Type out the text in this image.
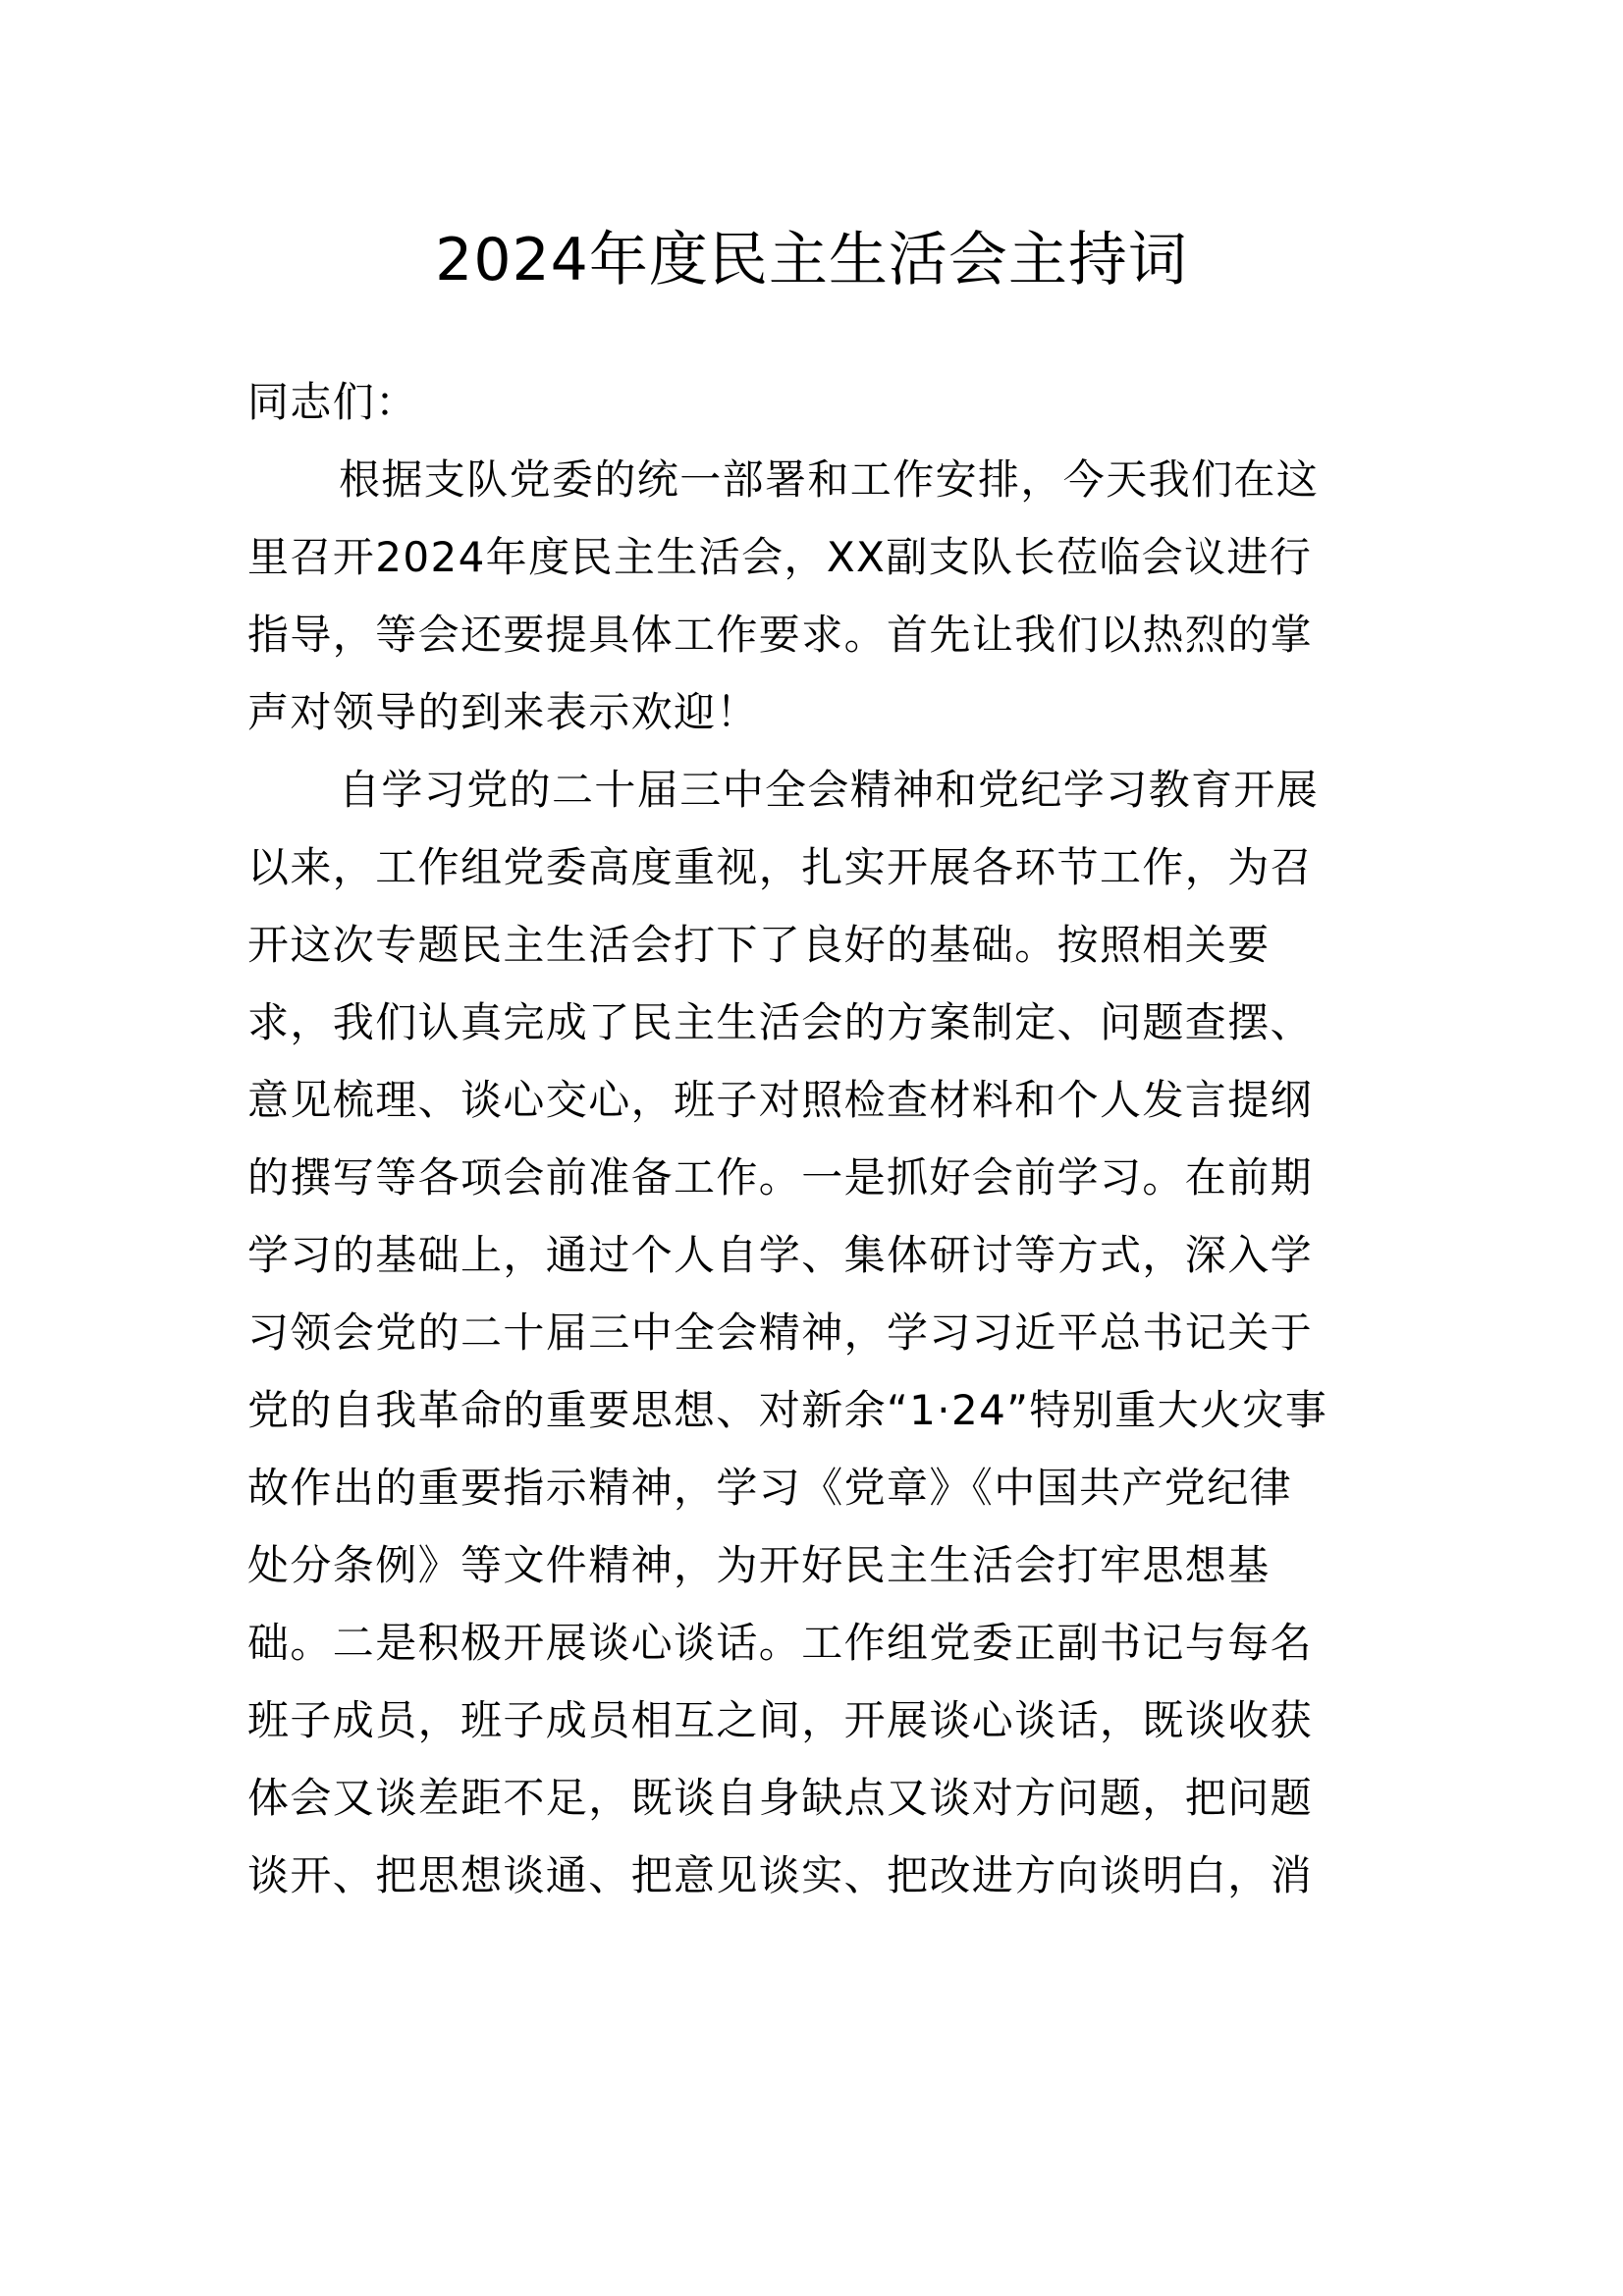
2024年度民主生活会主持词
同志们：
根据支队党委的统一部署和工作安排，今天我们在这
里召开2024年度民主生活会，XX副支队长莅临会议进行
指导，等会还要提具体工作要求。首先让我们以热烈的掌
声对领导的到来表示欢迎！
自学习党的二十届三中全会精神和党纪学习教育开展
以来，工作组党委高度重视，扎实开展各环节工作，为召
开这次专题民主生活会打下了良好的基础。按照相关要
求，我们认真完成了民主生活会的方案制定、问题查摆、
意见梳理、谈心交心，班子对照检查材料和个人发言提纲
的撰写等各项会前准备工作。一是抓好会前学习。在前期
学习的基础上，通过个人自学、集体研讨等方式，深入学
习领会党的二十届三中全会精神，学习习近平总书记关于
党的自我革命的重要思想、对新余“1·24”特别重大火灾事
故作出的重要指示精神，学习《党章》《中国共产党纪律
处分条例》等文件精神，为开好民主生活会打牢思想基
础。二是积极开展谈心谈话。工作组党委正副书记与每名
班子成员，班子成员相互之间，开展谈心谈话，既谈收获
体会又谈差距不足，既谈自身缺点又谈对方问题，把问题
谈开、把思想谈通、把意见谈实、把改进方向谈明白，消
